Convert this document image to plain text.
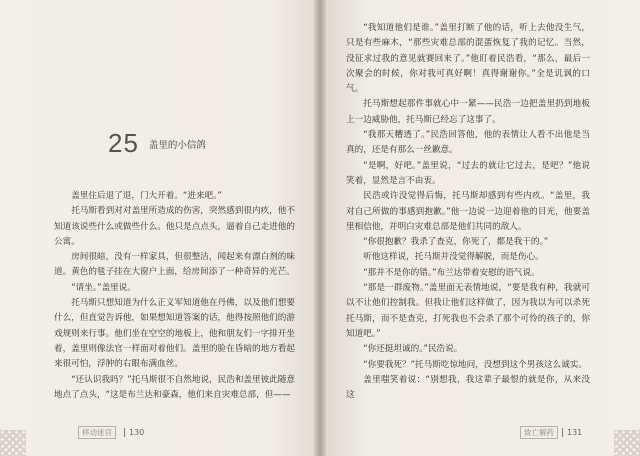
25 盖里的小信鸽

盖里住后退了退，门大开着。“进来吧。”

托马斯看到对对盖里所造成的伤害，突然感到很内疚，他不知道该说些什么或做些什么。他只是点点头，逼着自己走进他的公寓。

房间很暗，没有一样家具，但很整洁，闻起来有漂白剂的味道。黄色的毯子挂在大窗户上面，给房间添了一种奇异的光芒。

“请坐。”盖里说。

托马斯只想知道为什么正义军知道他在丹佛，以及他们想要什么，但直觉告诉他，如果想知道答案的话，他得按照他们的游戏规则来行事。他们坐在空空的地板上，他和朋友们一字排开坐着，盖里则像法官一样面对着他们。盖里的脸在昏暗的地方看起来很可怕，浮肿的右眼布满血丝。

“还认识我吗？”托马斯很不自然地说，民浩和盖里彼此随意地点了点头，“这是布兰达和豪森，他们来自灾难总部，但——

移动迷宫	130

“我知道他们是谁。”盖里打断了他的话，听上去他没生气，只是有些麻木，“那些灾难总部的混蛋恢复了我的记忆。当然，没征求过我的意见就赛回来了。”他盯着民浩看，“那么，最后一次聚会的时候，你对我可真好啊！真得谢谢你。”全是讥讽的口气。

托马斯想起那件事就心中一紧——民浩一边把盖里扔到地板上一边威胁他，托马斯已经忘了这事了。

“我那天糟透了。”民浩回答他，他的表情让人看不出他是当真的，还是有那么一丝歉意。

“是啊，好吧。”盖里说，“过去的就让它过去，是吧？”他说笑着，显然是言不由衷。

民浩或许没觉得后悔，托马斯却感到有些内疚。“盖里，我对自己所做的事感到抱歉。”他一边说一边迎着他的目光，他要盖里相信他，并明白灾难总部是他们共同的敌人。

“你很抱歉？我杀了查克，你死了，都是我干的。”

听他这样说，托马斯并没觉得解脱，而是伤心。

“那并不是你的错。”布兰达带着安慰的语气说。

“那是一群废物。”盖里面无表情地说，“要是我有种，我就可以不让他们控制我。但我让他们这样做了，因为我以为可以杀死托马斯，而不是查克，打死我也不会杀了那个可怜的孩子的，你知道吧。”

“你还挺坦诚的。”民浩说。

“你要我死？”托马斯吃惊地问，没想到这个男孩这么诚实。

盖里嗤笑着说：“别想我，我这辈子最恨的就是你，从来没这

致亡解药	131
